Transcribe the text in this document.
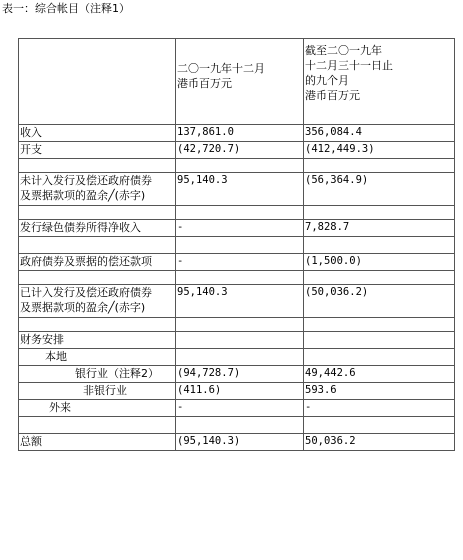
表一：综合帐目（注释1）

	二〇一九年十二月
港币百万元	截至二〇一九年
十二月三十一日止
的九个月
港币百万元

收入	137,861.0	356,084.4
开支	(42,720.7)	(412,449.3)

未计入发行及偿还政府债券
及票据款项的盈余╱(赤字)	95,140.3	(56,364.9)

发行绿色债券所得净收入	-	7,828.7

政府债券及票据的偿还款项	-	(1,500.0)

已计入发行及偿还政府债券
及票据款项的盈余╱(赤字)	95,140.3	(50,036.2)

财务安排		
本地		
银行业（注释2）	(94,728.7)	49,442.6
非银行业	(411.6)	593.6
外来	-	-

总额	(95,140.3)	50,036.2
